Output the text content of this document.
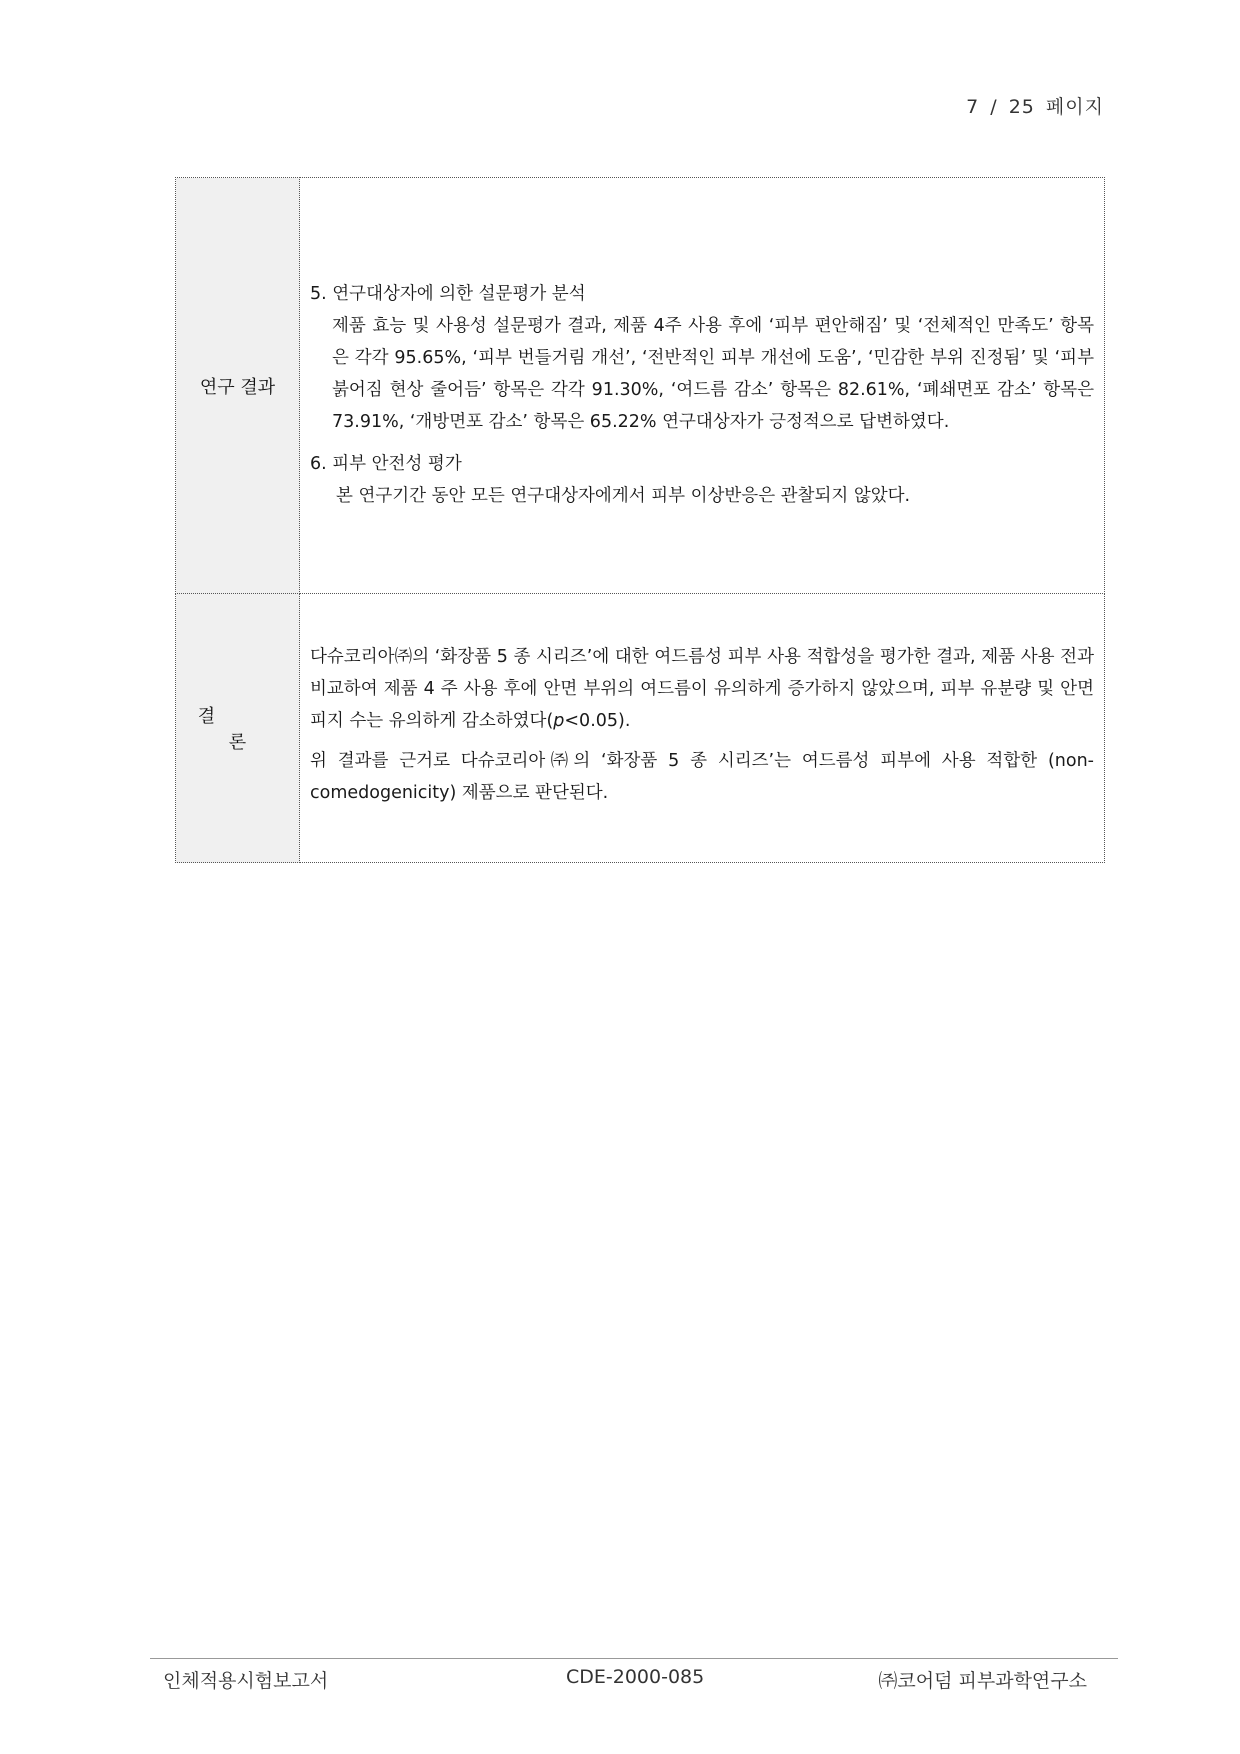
7 / 25 페이지
연구 결과	5. 연구대상자에 의한 설문평가 분석

제품 효능 및 사용성 설문평가 결과, 제품 4주 사용 후에 ‘피부 편안해짐’ 및 ‘전체적인 만족도’ 항목은 각각 95.65%, ‘피부 번들거림 개선’, ‘전반적인 피부 개선에 도움’, ‘민감한 부위 진정됨’ 및 ‘피부 붉어짐 현상 줄어듬’ 항목은 각각 91.30%, ‘여드름 감소’ 항목은 82.61%, ‘폐쇄면포 감소’ 항목은 73.91%, ‘개방면포 감소’ 항목은 65.22% 연구대상자가 긍정적으로 답변하였다.

6. 피부 안전성 평가

본 연구기간 동안 모든 연구대상자에게서 피부 이상반응은 관찰되지 않았다.

결 론	다슈코리아㈜의 ‘화장품 5 종 시리즈’에 대한 여드름성 피부 사용 적합성을 평가한 결과, 제품 사용 전과 비교하여 제품 4 주 사용 후에 안면 부위의 여드름이 유의하게 증가하지 않았으며, 피부 유분량 및 안면 피지 수는 유의하게 감소하였다(p<0.05).

위 결과를 근거로 다슈코리아㈜의 ‘화장품 5 종 시리즈’는 여드름성 피부에 사용 적합한 (non-comedogenicity) 제품으로 판단된다.

인체적용시험보고서	CDE-2000-085	㈜코어덤 피부과학연구소
